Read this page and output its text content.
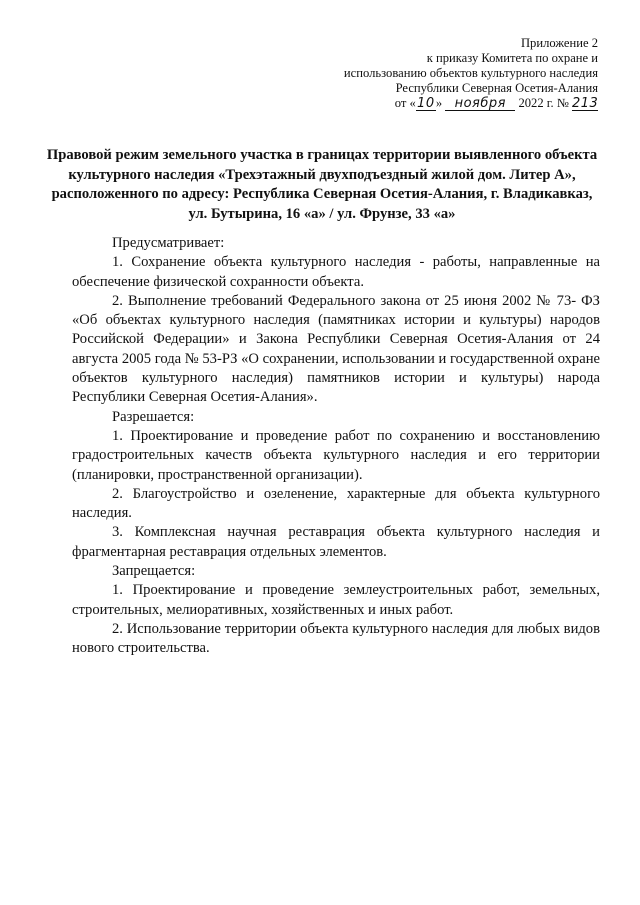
Приложение 2
к приказу Комитета по охране и
использованию объектов культурного наследия
Республики Северная Осетия-Алания
от «10» ноября 2022 г. № 213
Правовой режим земельного участка в границах территории выявленного объекта культурного наследия «Трехэтажный двухподъездный жилой дом. Литер А», расположенного по адресу: Республика Северная Осетия-Алания, г. Владикавказ, ул. Бутырина, 16 «а» / ул. Фрунзе, 33 «а»

Предусматривает:

1. Сохранение объекта культурного наследия - работы, направленные на обеспечение физической сохранности объекта.

2. Выполнение требований Федерального закона от 25 июня 2002 № 73- ФЗ «Об объектах культурного наследия (памятниках истории и культуры) народов Российской Федерации» и Закона Республики Северная Осетия-Алания от 24 августа 2005 года № 53-РЗ «О сохранении, использовании и государственной охране объектов культурного наследия) памятников истории и культуры) народа Республики Северная Осетия-Алания».

Разрешается:

1. Проектирование и проведение работ по сохранению и восстановлению градостроительных качеств объекта культурного наследия и его территории (планировки, пространственной организации).

2. Благоустройство и озеленение, характерные для объекта культурного наследия.

3. Комплексная научная реставрация объекта культурного наследия и фрагментарная реставрация отдельных элементов.

Запрещается:

1. Проектирование и проведение землеустроительных работ, земельных, строительных, мелиоративных, хозяйственных и иных работ.

2. Использование территории объекта культурного наследия для любых видов нового строительства.
